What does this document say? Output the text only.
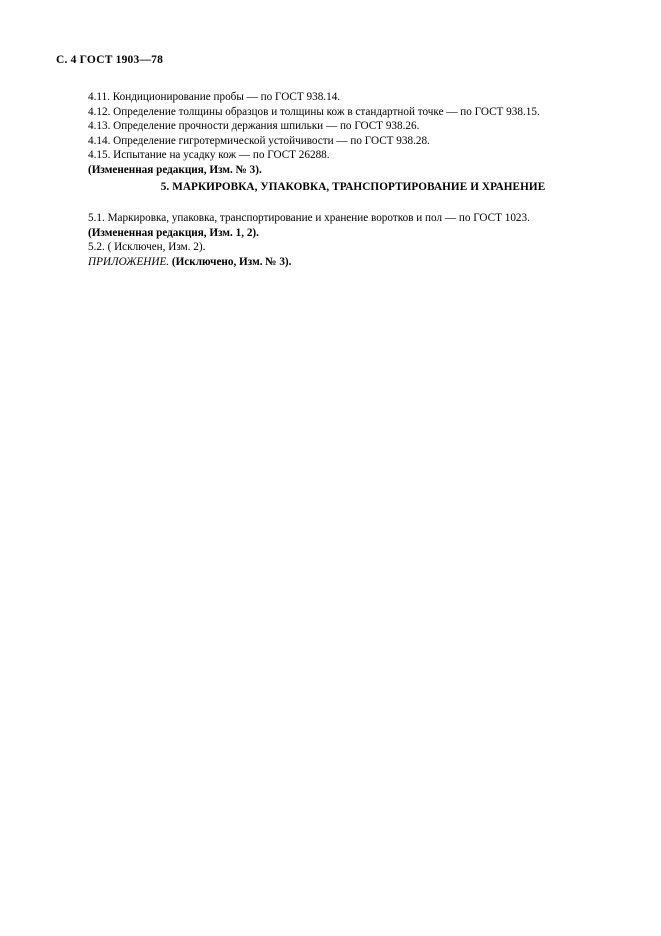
С. 4 ГОСТ 1903—78
4.11. Кондиционирование пробы — по ГОСТ 938.14.
4.12. Определение толщины образцов и толщины кож в стандартной точке — по ГОСТ 938.15.
4.13. Определение прочности держания шпильки — по ГОСТ 938.26.
4.14. Определение гигротермической устойчивости — по ГОСТ 938.28.
4.15. Испытание на усадку кож — по ГОСТ 26288.
(Измененная редакция, Изм. № 3).
5. МАРКИРОВКА, УПАКОВКА, ТРАНСПОРТИРОВАНИЕ И ХРАНЕНИЕ
5.1. Маркировка, упаковка, транспортирование и хранение воротков и пол — по ГОСТ 1023.
(Измененная редакция, Изм. 1, 2).
5.2. ( Исключен, Изм. 2).
ПРИЛОЖЕНИЕ. (Исключено, Изм. № 3).
